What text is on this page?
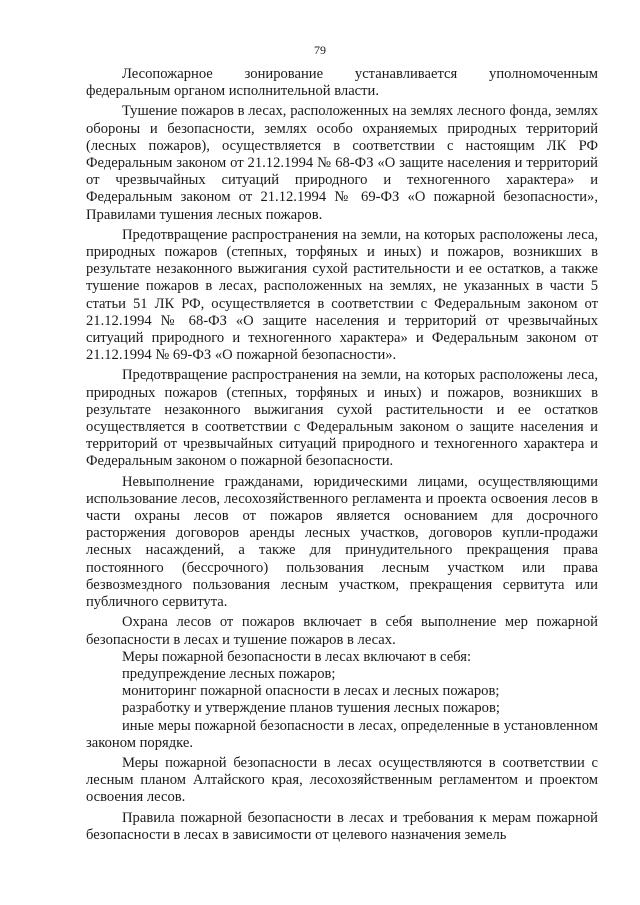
79

Лесопожарное зонирование устанавливается уполномоченным федеральным органом исполнительной власти.

Тушение пожаров в лесах, расположенных на землях лесного фонда, землях обороны и безопасности, землях особо охраняемых природных территорий (лесных пожаров), осуществляется в соответствии с настоящим ЛК РФ Федеральным законом от 21.12.1994 № 68-ФЗ «О защите населения и территорий от чрезвычайных ситуаций природного и техногенного характера» и Федеральным законом от 21.12.1994 № 69-ФЗ «О пожарной безопасности», Правилами тушения лесных пожаров.

Предотвращение распространения на земли, на которых расположены леса, природных пожаров (степных, торфяных и иных) и пожаров, возникших в результате незаконного выжигания сухой растительности и ее остатков, а также тушение пожаров в лесах, расположенных на землях, не указанных в части 5 статьи 51 ЛК РФ, осуществляется в соответствии с Федеральным законом от 21.12.1994 № 68-ФЗ «О защите населения и территорий от чрезвычайных ситуаций природного и техногенного характера» и Федеральным законом от 21.12.1994 № 69-ФЗ «О пожарной безопасности».

Предотвращение распространения на земли, на которых расположены леса, природных пожаров (степных, торфяных и иных) и пожаров, возникших в результате незаконного выжигания сухой растительности и ее остатков осуществляется в соответствии с Федеральным законом о защите населения и территорий от чрезвычайных ситуаций природного и техногенного характера и Федеральным законом о пожарной безопасности.

Невыполнение гражданами, юридическими лицами, осуществляющими использование лесов, лесохозяйственного регламента и проекта освоения лесов в части охраны лесов от пожаров является основанием для досрочного расторжения договоров аренды лесных участков, договоров купли-продажи лесных насаждений, а также для принудительного прекращения права постоянного (бессрочного) пользования лесным участком или права безвозмездного пользования лесным участком, прекращения сервитута или публичного сервитута.

Охрана лесов от пожаров включает в себя выполнение мер пожарной безопасности в лесах и тушение пожаров в лесах.

Меры пожарной безопасности в лесах включают в себя:

предупреждение лесных пожаров;

мониторинг пожарной опасности в лесах и лесных пожаров;

разработку и утверждение планов тушения лесных пожаров;

иные меры пожарной безопасности в лесах, определенные в установленном законом порядке.

Меры пожарной безопасности в лесах осуществляются в соответствии с лесным планом Алтайского края, лесохозяйственным регламентом и проектом освоения лесов.

Правила пожарной безопасности в лесах и требования к мерам пожарной безопасности в лесах в зависимости от целевого назначения земель
